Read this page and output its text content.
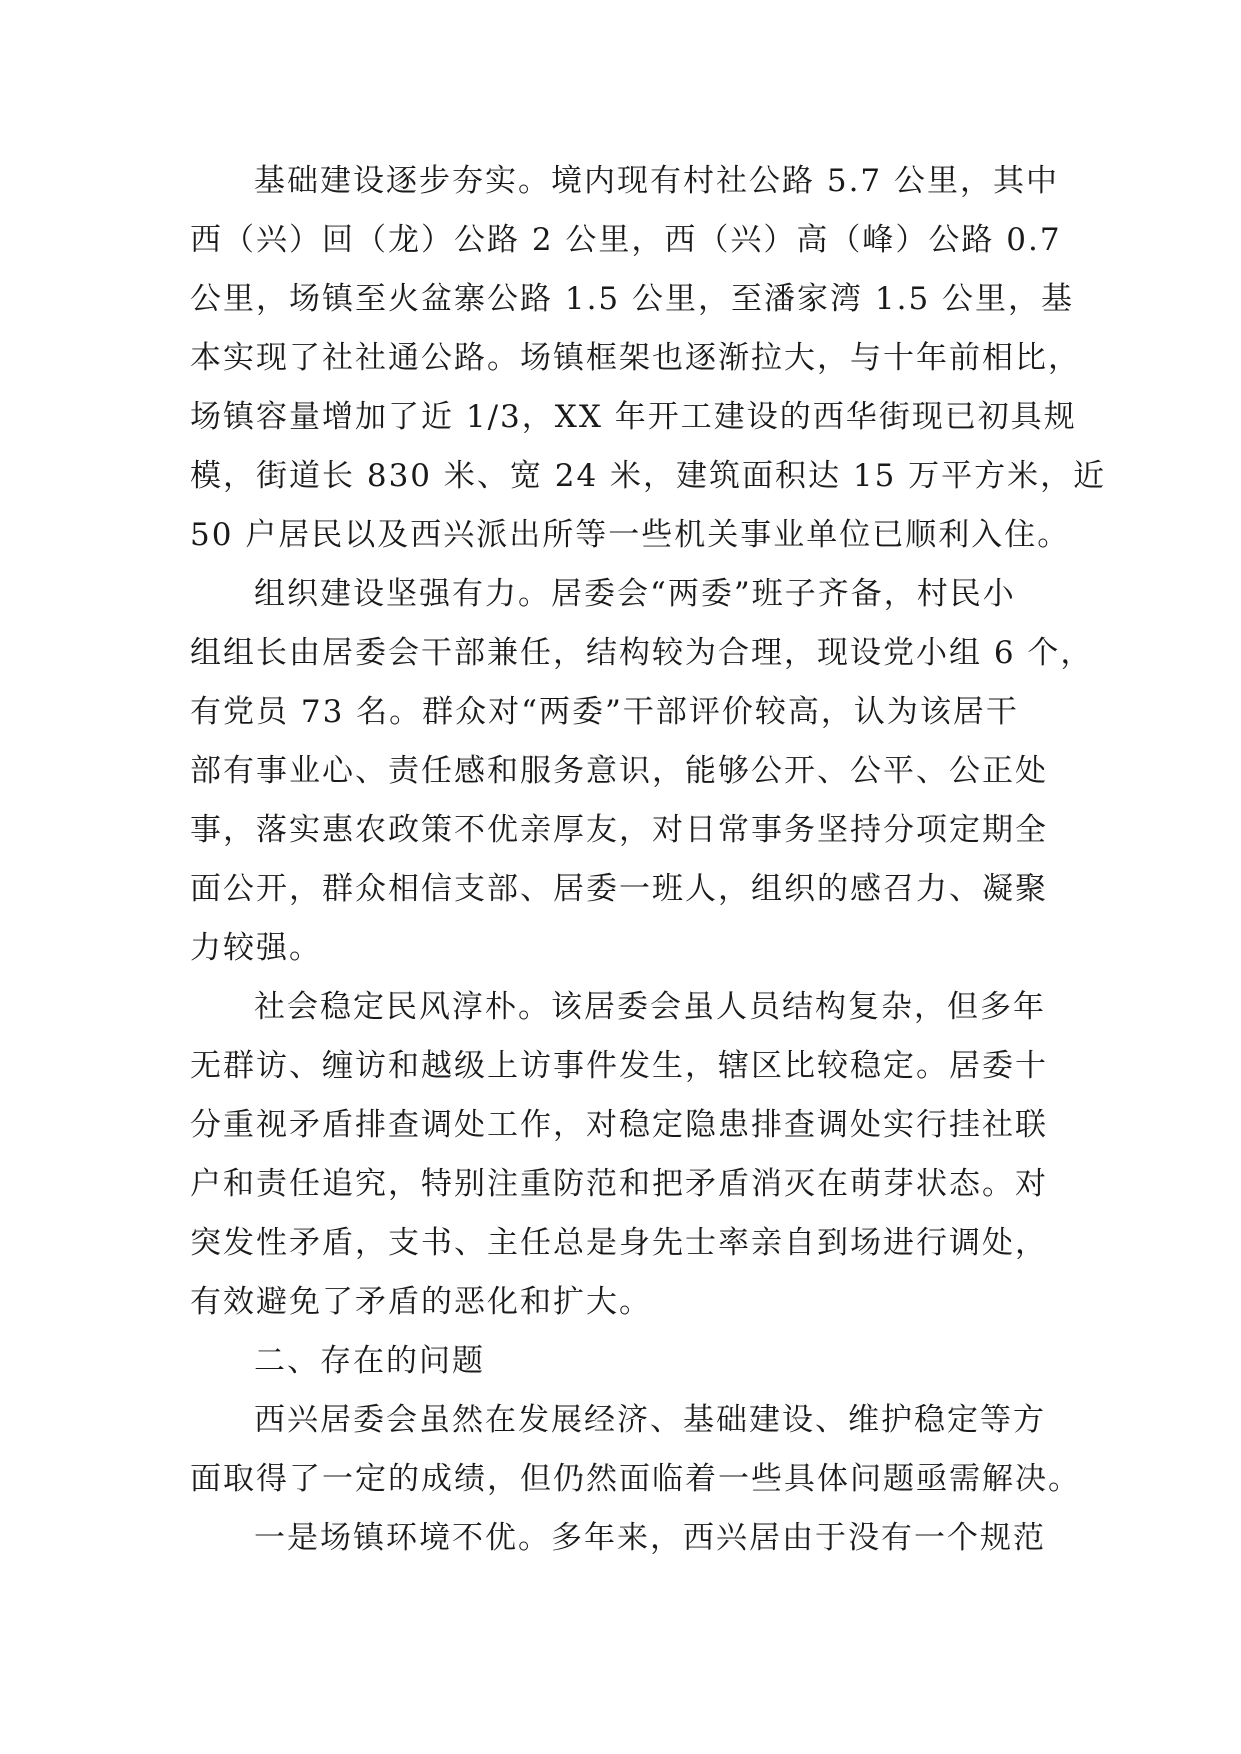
基础建设逐步夯实。境内现有村社公路 5.7 公里，其中
西（兴）回（龙）公路 2 公里，西（兴）高（峰）公路 0.7
公里，场镇至火盆寨公路 1.5 公里，至潘家湾 1.5 公里，基
本实现了社社通公路。场镇框架也逐渐拉大，与十年前相比，
场镇容量增加了近 1/3，XX 年开工建设的西华街现已初具规
模，街道长 830 米、宽 24 米，建筑面积达 15 万平方米，近
50 户居民以及西兴派出所等一些机关事业单位已顺利入住。
组织建设坚强有力。居委会“两委”班子齐备，村民小
组组长由居委会干部兼任，结构较为合理，现设党小组 6 个，
有党员 73 名。群众对“两委”干部评价较高，认为该居干
部有事业心、责任感和服务意识，能够公开、公平、公正处
事，落实惠农政策不优亲厚友，对日常事务坚持分项定期全
面公开，群众相信支部、居委一班人，组织的感召力、凝聚
力较强。
社会稳定民风淳朴。该居委会虽人员结构复杂，但多年
无群访、缠访和越级上访事件发生，辖区比较稳定。居委十
分重视矛盾排查调处工作，对稳定隐患排查调处实行挂社联
户和责任追究，特别注重防范和把矛盾消灭在萌芽状态。对
突发性矛盾，支书、主任总是身先士率亲自到场进行调处，
有效避免了矛盾的恶化和扩大。
二、存在的问题
西兴居委会虽然在发展经济、基础建设、维护稳定等方
面取得了一定的成绩，但仍然面临着一些具体问题亟需解决。
一是场镇环境不优。多年来，西兴居由于没有一个规范
